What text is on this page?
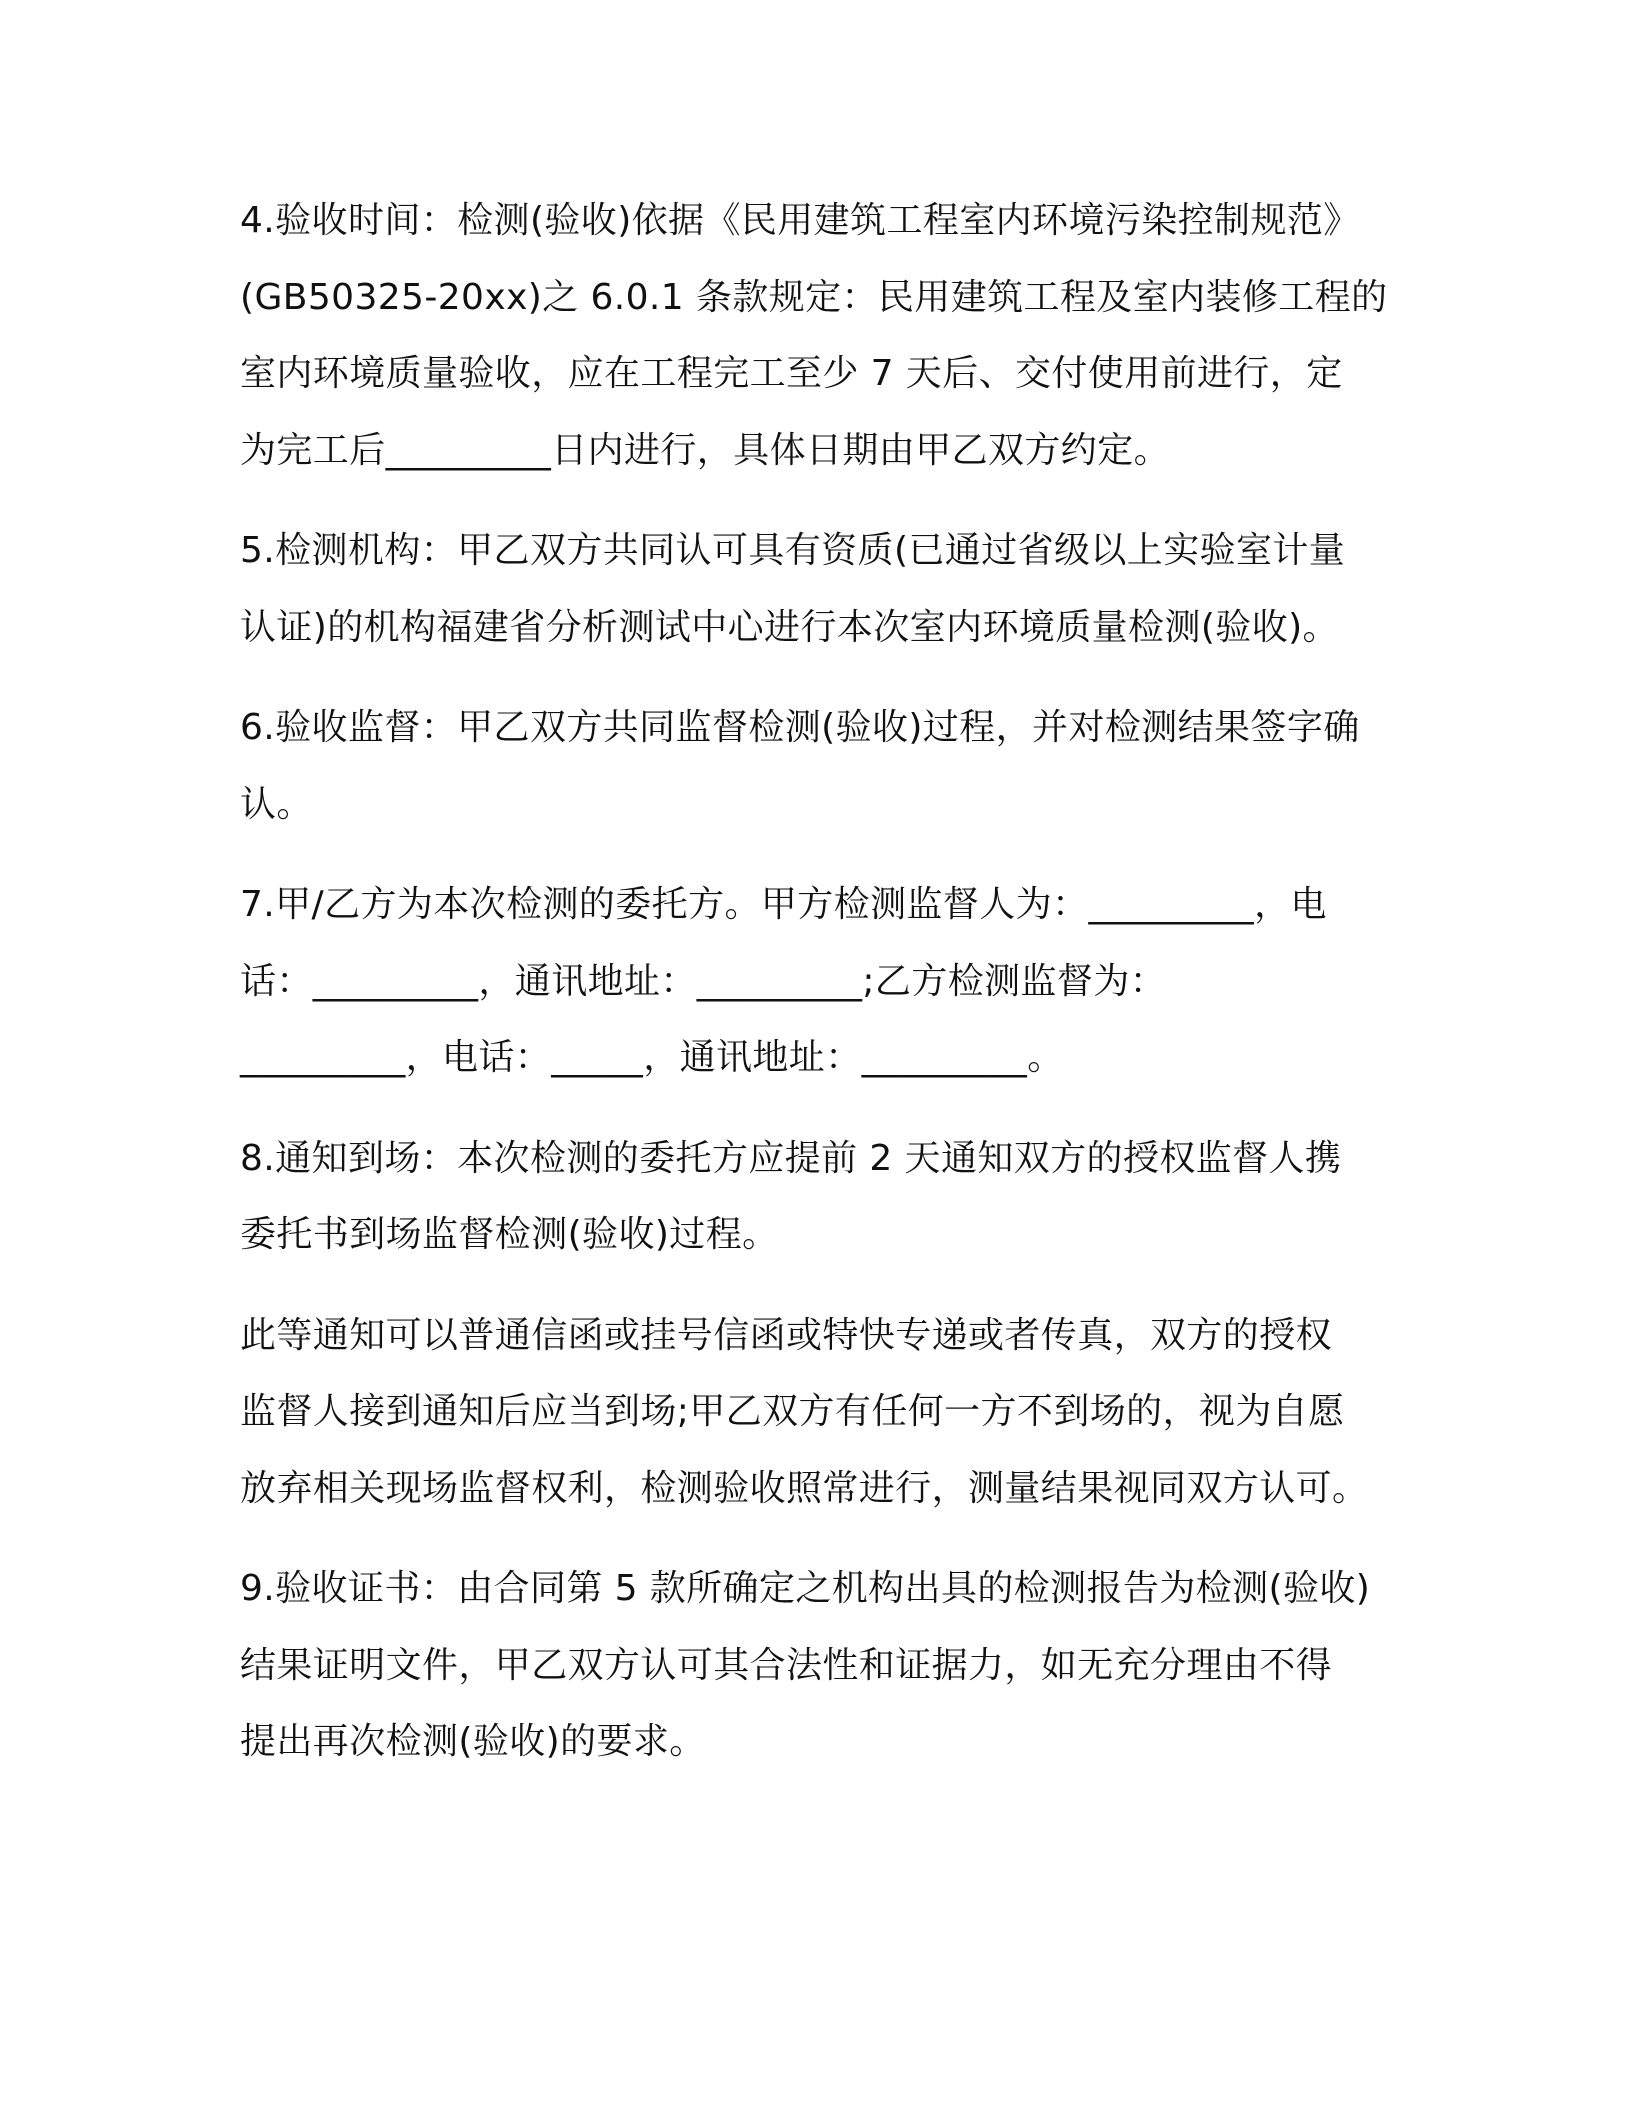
4.验收时间：检测(验收)依据《民用建筑工程室内环境污染控制规范》
(GB50325-20xx)之 6.0.1 条款规定：民用建筑工程及室内装修工程的
室内环境质量验收，应在工程完工至少 7 天后、交付使用前进行，定
为完工后_________日内进行，具体日期由甲乙双方约定。

5.检测机构：甲乙双方共同认可具有资质(已通过省级以上实验室计量
认证)的机构福建省分析测试中心进行本次室内环境质量检测(验收)。

6.验收监督：甲乙双方共同监督检测(验收)过程，并对检测结果签字确
认。

7.甲/乙方为本次检测的委托方。甲方检测监督人为：_________，电
话：_________，通讯地址：_________;乙方检测监督为：
_________，电话：_____，通讯地址：_________。

8.通知到场：本次检测的委托方应提前 2 天通知双方的授权监督人携
委托书到场监督检测(验收)过程。

此等通知可以普通信函或挂号信函或特快专递或者传真，双方的授权
监督人接到通知后应当到场;甲乙双方有任何一方不到场的，视为自愿
放弃相关现场监督权利，检测验收照常进行，测量结果视同双方认可。

9.验收证书：由合同第 5 款所确定之机构出具的检测报告为检测(验收)
结果证明文件，甲乙双方认可其合法性和证据力，如无充分理由不得
提出再次检测(验收)的要求。
